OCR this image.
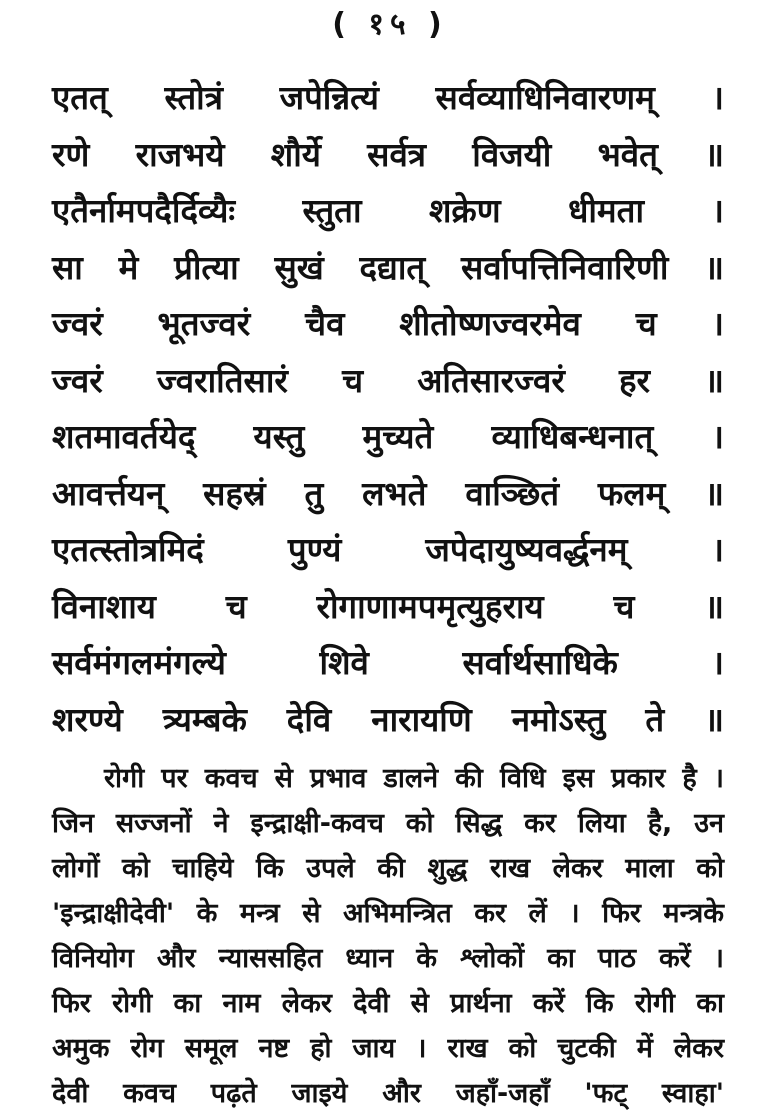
( १५ )
एतत् स्तोत्रं जपेन्नित्यं सर्वव्याधिनिवारणम् ।
रणे राजभये शौर्ये सर्वत्र विजयी भवेत् ॥
एतैर्नामपदैर्दिव्यैः स्तुता शक्रेण धीमता ।
सा मे प्रीत्या सुखं दद्यात् सर्वापत्तिनिवारिणी ॥
ज्वरं भूतज्वरं चैव शीतोष्णज्वरमेव च ।
ज्वरं ज्वरातिसारं च अतिसारज्वरं हर ॥
शतमावर्तयेद् यस्तु मुच्यते व्याधिबन्धनात् ।
आवर्त्तयन् सहस्रं तु लभते वाञ्छितं फलम् ॥
एतत्स्तोत्रमिदं पुण्यं जपेदायुष्यवर्द्धनम् ।
विनाशाय च रोगाणामपमृत्युहराय च ॥
सर्वमंगलमंगल्ये शिवे सर्वार्थसाधिके ।
शरण्ये त्र्यम्बके देवि नारायणि नमोऽस्तु ते ॥
रोगी पर कवच से प्रभाव डालने की विधि इस प्रकार है ।
जिन सज्जनों ने इन्द्राक्षी-कवच को सिद्ध कर लिया है, उन
लोगों को चाहिये कि उपले की शुद्ध राख लेकर माला को
'इन्द्राक्षीदेवी' के मन्त्र से अभिमन्त्रित कर लें । फिर मन्त्रके
विनियोग और न्याससहित ध्यान के श्लोकों का पाठ करें ।
फिर रोगी का नाम लेकर देवी से प्रार्थना करें कि रोगी का
अमुक रोग समूल नष्ट हो जाय । राख को चुटकी में लेकर
देवी कवच पढ़ते जाइये और जहाँ-जहाँ 'फट् स्वाहा'
